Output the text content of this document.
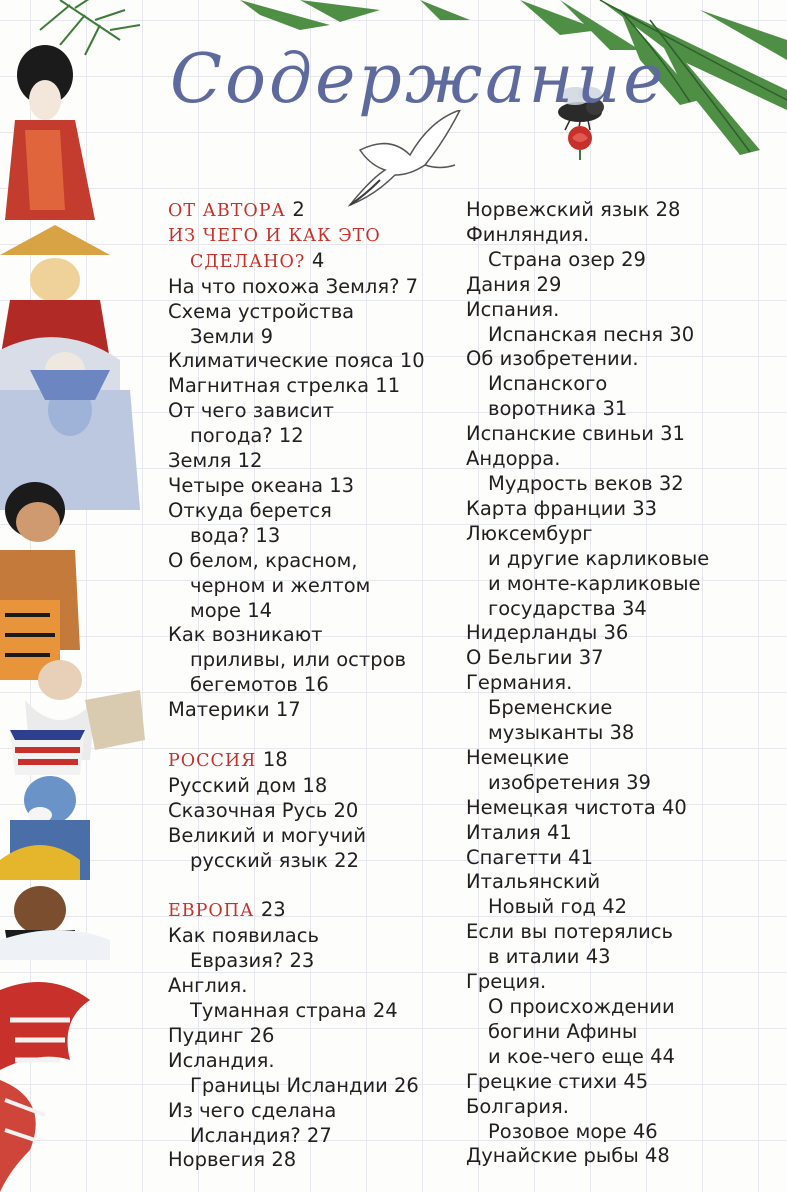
Содержание
ОТ АВТОРА 2
ИЗ ЧЕГО И КАК ЭТО
СДЕЛАНО? 4
На что похожа Земля? 7
Схема устройства
Земли 9
Климатические пояса 10
Магнитная стрелка 11
От чего зависит
погода? 12
Земля 12
Четыре океана 13
Откуда берется
вода? 13
О белом, красном,
черном и желтом
море 14
Как возникают
приливы, или остров
бегемотов 16
Материки 17
РОССИЯ 18
Русский дом 18
Сказочная Русь 20
Великий и могучий
русский язык 22
ЕВРОПА 23
Как появилась
Евразия? 23
Англия.
Туманная страна 24
Пудинг 26
Исландия.
Границы Исландии 26
Из чего сделана
Исландия? 27
Норвегия 28
Норвежский язык 28
Финляндия.
Страна озер 29
Дания 29
Испания.
Испанская песня 30
Об изобретении.
Испанского
воротника 31
Испанские свиньи 31
Андорра.
Мудрость веков 32
Карта франции 33
Люксембург
и другие карликовые
и монте-карликовые
государства 34
Нидерланды 36
О Бельгии 37
Германия.
Бременские
музыканты 38
Немецкие
изобретения 39
Немецкая чистота 40
Италия 41
Спагетти 41
Итальянский
Новый год 42
Если вы потерялись
в италии 43
Греция.
О происхождении
богини Афины
и кое-чего еще 44
Грецкие стихи 45
Болгария.
Розовое море 46
Дунайские рыбы 48
